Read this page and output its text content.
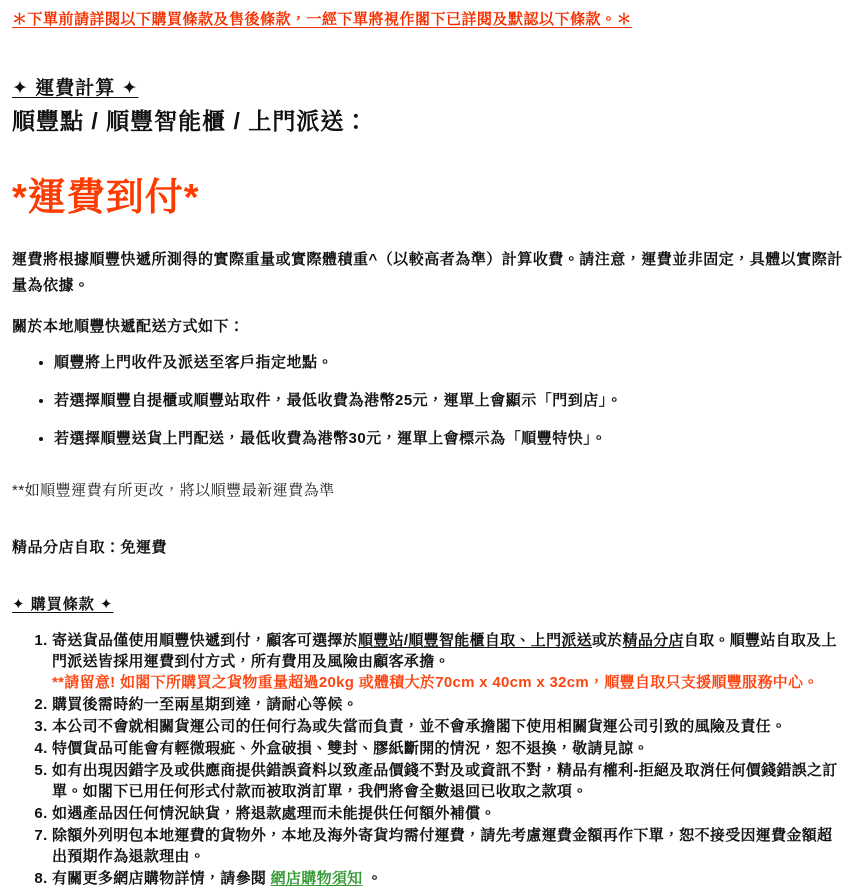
＊下單前請詳閱以下購買條款及售後條款，一經下單將視作閣下已詳閱及默認以下條款。＊
✦ 運費計算 ✦
順豐點 / 順豐智能櫃 / 上門派送：
*運費到付*
運費將根據順豐快遞所測得的實際重量或實際體積重^（以較高者為準）計算收費。請注意，運費並非固定，具體以實際計量為依據。
關於本地順豐快遞配送方式如下：
• 順豐將上門收件及派送至客戶指定地點。
• 若選擇順豐自提櫃或順豐站取件，最低收費為港幣25元，運單上會顯示「門到店」。
• 若選擇順豐送貨上門配送，最低收費為港幣30元，運單上會標示為「順豐特快」。
**如順豐運費有所更改，將以順豐最新運費為準
精品分店自取：免運費
✦ 購買條款 ✦
1. 寄送貨品僅使用順豐快遞到付，顧客可選擇於順豐站/順豐智能櫃自取、上門派送或於精品分店自取。順豐站自取及上門派送皆採用運費到付方式，所有費用及風險由顧客承擔。
**請留意! 如閣下所購買之貨物重量超過20kg 或體積大於70cm x 40cm x 32cm，順豐自取只支援順豐服務中心。
2. 購買後需時約一至兩星期到達，請耐心等候。
3. 本公司不會就相關貨運公司的任何行為或失當而負責，並不會承擔閣下使用相關貨運公司引致的風險及責任。
4. 特價貨品可能會有輕微瑕疵、外盒破損、雙封、膠紙斷開的情況，恕不退換，敬請見諒。
5. 如有出現因錯字及或供應商提供錯誤資料以致產品價錢不對及或資訊不對，精品有權利-拒絕及取消任何價錢錯誤之訂單。如閣下已用任何形式付款而被取消訂單，我們將會全數退回已收取之款項。
6. 如遇產品因任何情況缺貨，將退款處理而未能提供任何額外補償。
7. 除額外列明包本地運費的貨物外，本地及海外寄貨均需付運費，請先考慮運費金額再作下單，恕不接受因運費金額超出預期作為退款理由。
8. 有關更多網店購物詳情，請參閱 網店購物須知 。
